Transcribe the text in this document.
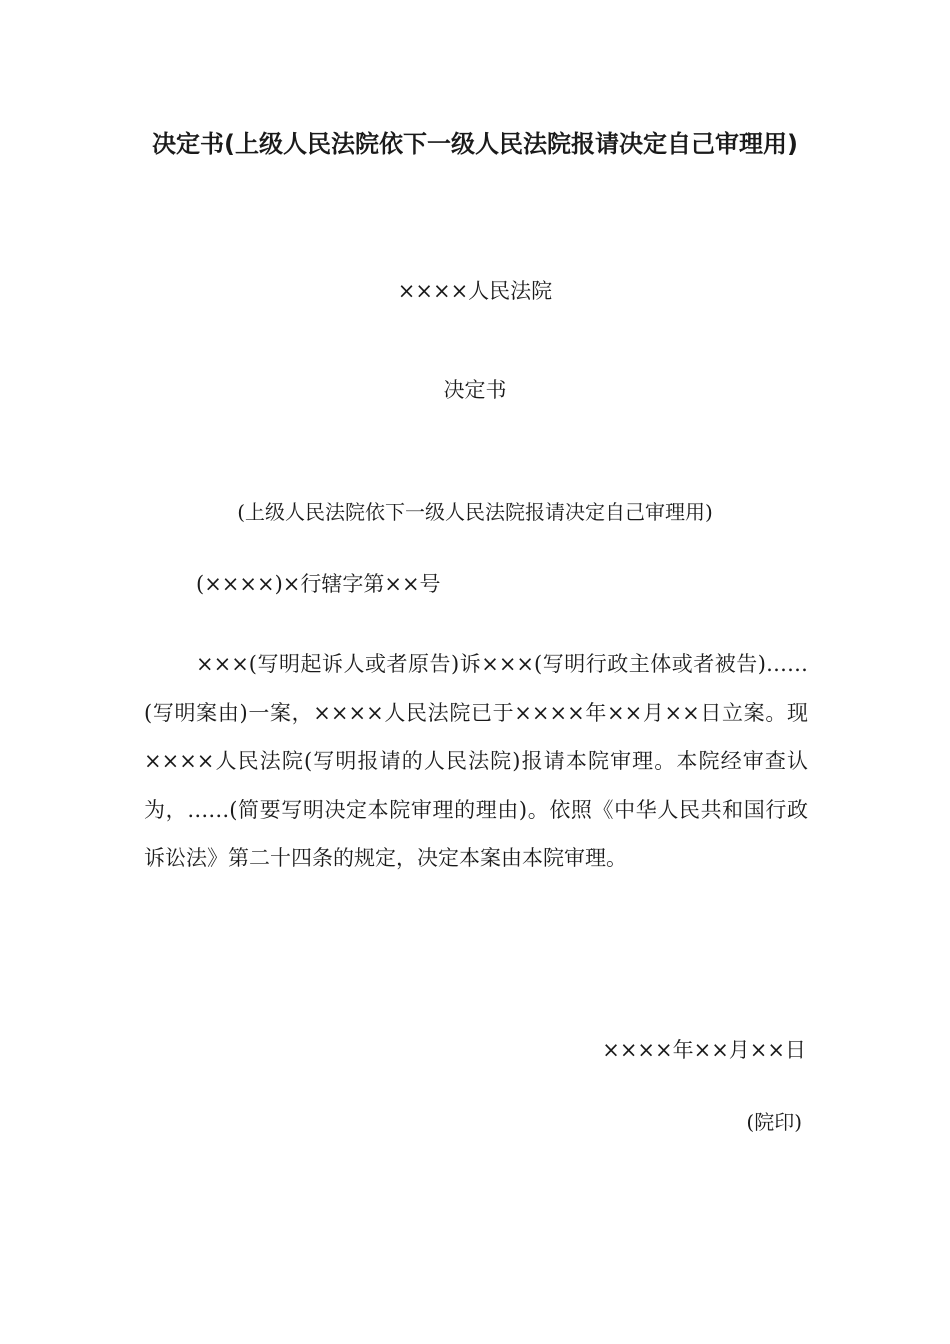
决定书(上级人民法院依下一级人民法院报请决定自己审理用)

××××人民法院

决定书

(上级人民法院依下一级人民法院报请决定自己审理用)

(××××)×行辖字第××号

×××(写明起诉人或者原告)诉×××(写明行政主体或者被告)……(写明案由)一案，××××人民法院已于××××年××月××日立案。现××××人民法院(写明报请的人民法院)报请本院审理。本院经审查认为，……(简要写明决定本院审理的理由)。依照《中华人民共和国行政诉讼法》第二十四条的规定，决定本案由本院审理。

××××年××月××日

(院印)
